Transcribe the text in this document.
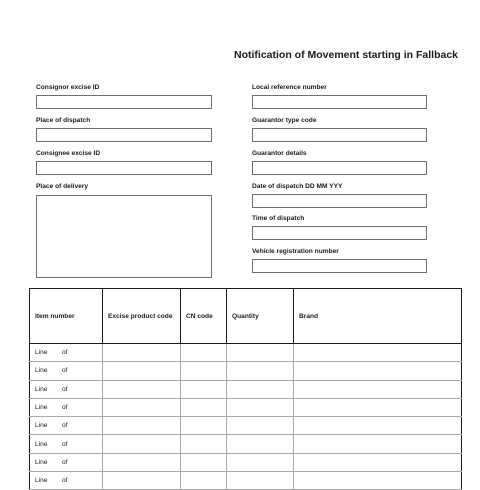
Notification of Movement starting in Fallback
Consignor excise ID
Place of dispatch
Consignee excise ID
Place of delivery
Local reference number
Guarantor type code
Guarantor details
Date of dispatch DD MM YYY
Time of dispatch
Vehicle registration number
Item number	Excise product code	CN code	Quantity	Brand
Line of				
Line of				
Line of				
Line of				
Line of				
Line of				
Line of				
Line of				
